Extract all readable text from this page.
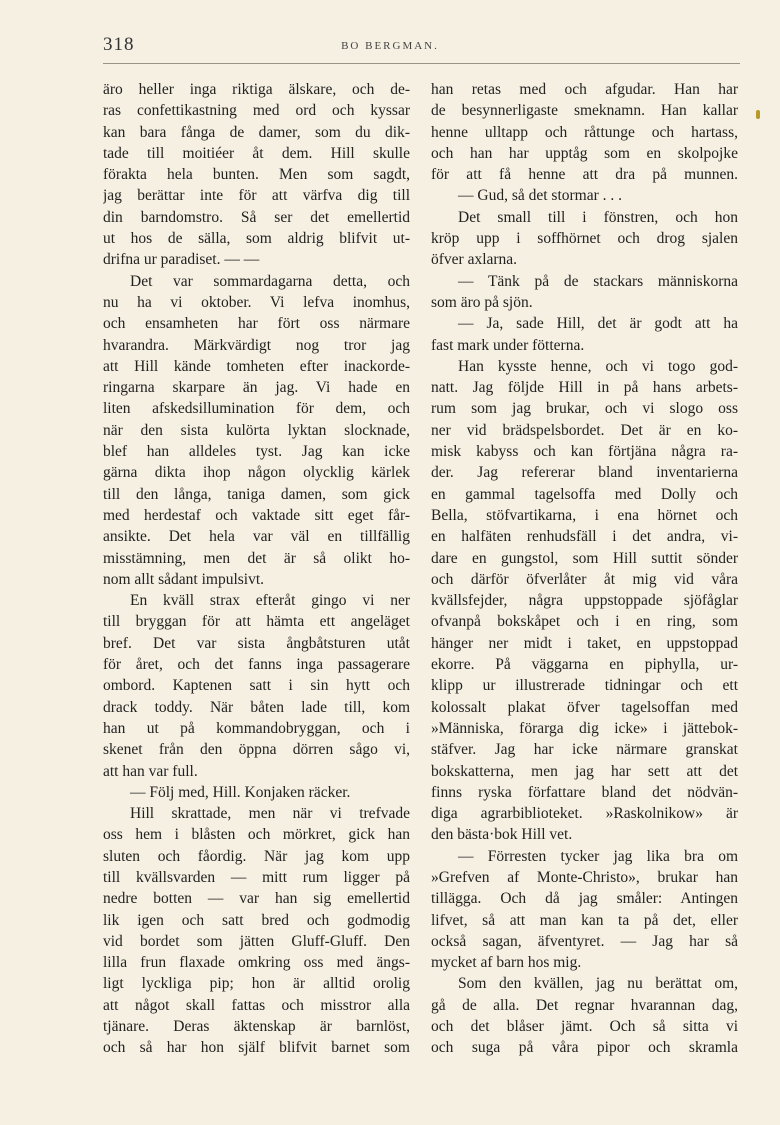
318	BO BERGMAN.
äro heller inga riktiga älskare, och de-
ras confettikastning med ord och kyssar
kan bara fånga de damer, som du dik-
tade till moitiéer åt dem. Hill skulle
förakta hela bunten. Men som sagdt,
jag berättar inte för att värfva dig till
din barndomstro. Så ser det emellertid
ut hos de sälla, som aldrig blifvit ut-
drifna ur paradiset. — —
Det var sommardagarna detta, och
nu ha vi oktober. Vi lefva inomhus,
och ensamheten har fört oss närmare
hvarandra. Märkvärdigt nog tror jag
att Hill kände tomheten efter inackorde-
ringarna skarpare än jag. Vi hade en
liten afskedsillumination för dem, och
när den sista kulörta lyktan slocknade,
blef han alldeles tyst. Jag kan icke
gärna dikta ihop någon olycklig kärlek
till den långa, taniga damen, som gick
med herdestaf och vaktade sitt eget får-
ansikte. Det hela var väl en tillfällig
misstämning, men det är så olikt ho-
nom allt sådant impulsivt.
En kväll strax efteråt gingo vi ner
till bryggan för att hämta ett angeläget
bref. Det var sista ångbåtsturen utåt
för året, och det fanns inga passagerare
ombord. Kaptenen satt i sin hytt och
drack toddy. När båten lade till, kom
han ut på kommandobryggan, och i
skenet från den öppna dörren sågo vi,
att han var full.
— Följ med, Hill. Konjaken räcker.
Hill skrattade, men när vi trefvade
oss hem i blåsten och mörkret, gick han
sluten och fåordig. När jag kom upp
till kvällsvarden — mitt rum ligger på
nedre botten — var han sig emellertid
lik igen och satt bred och godmodig
vid bordet som jätten Gluff-Gluff. Den
lilla frun flaxade omkring oss med ängs-
ligt lyckliga pip; hon är alltid orolig
att något skall fattas och misstror alla
tjänare. Deras äktenskap är barnlöst,
och så har hon själf blifvit barnet som
han retas med och afgudar. Han har
de besynnerligaste smeknamn. Han kallar
henne ulltapp och råttunge och hartass,
och han har upptåg som en skolpojke
för att få henne att dra på munnen.
— Gud, så det stormar . . .
Det small till i fönstren, och hon
kröp upp i soffhörnet och drog sjalen
öfver axlarna.
— Tänk på de stackars människorna
som äro på sjön.
— Ja, sade Hill, det är godt att ha
fast mark under fötterna.
Han kysste henne, och vi togo god-
natt. Jag följde Hill in på hans arbets-
rum som jag brukar, och vi slogo oss
ner vid brädspelsbordet. Det är en ko-
misk kabyss och kan förtjäna några ra-
der. Jag refererar bland inventarierna
en gammal tagelsoffa med Dolly och
Bella, stöfvartikarna, i ena hörnet och
en halfäten renhudsfäll i det andra, vi-
dare en gungstol, som Hill suttit sönder
och därför öfverlåter åt mig vid våra
kvällsfejder, några uppstoppade sjöfåglar
ofvanpå bokskåpet och i en ring, som
hänger ner midt i taket, en uppstoppad
ekorre. På väggarna en piphylla, ur-
klipp ur illustrerade tidningar och ett
kolossalt plakat öfver tagelsoffan med
»Människa, förarga dig icke» i jättebok-
stäfver. Jag har icke närmare granskat
bokskatterna, men jag har sett att det
finns ryska författare bland det nödvän-
diga agrarbiblioteket. »Raskolnikow» är
den bästa·bok Hill vet.
— Förresten tycker jag lika bra om
»Grefven af Monte-Christo», brukar han
tillägga. Och då jag småler: Antingen
lifvet, så att man kan ta på det, eller
också sagan, äfventyret. — Jag har så
mycket af barn hos mig.
Som den kvällen, jag nu berättat om,
gå de alla. Det regnar hvarannan dag,
och det blåser jämt. Och så sitta vi
och suga på våra pipor och skramla
